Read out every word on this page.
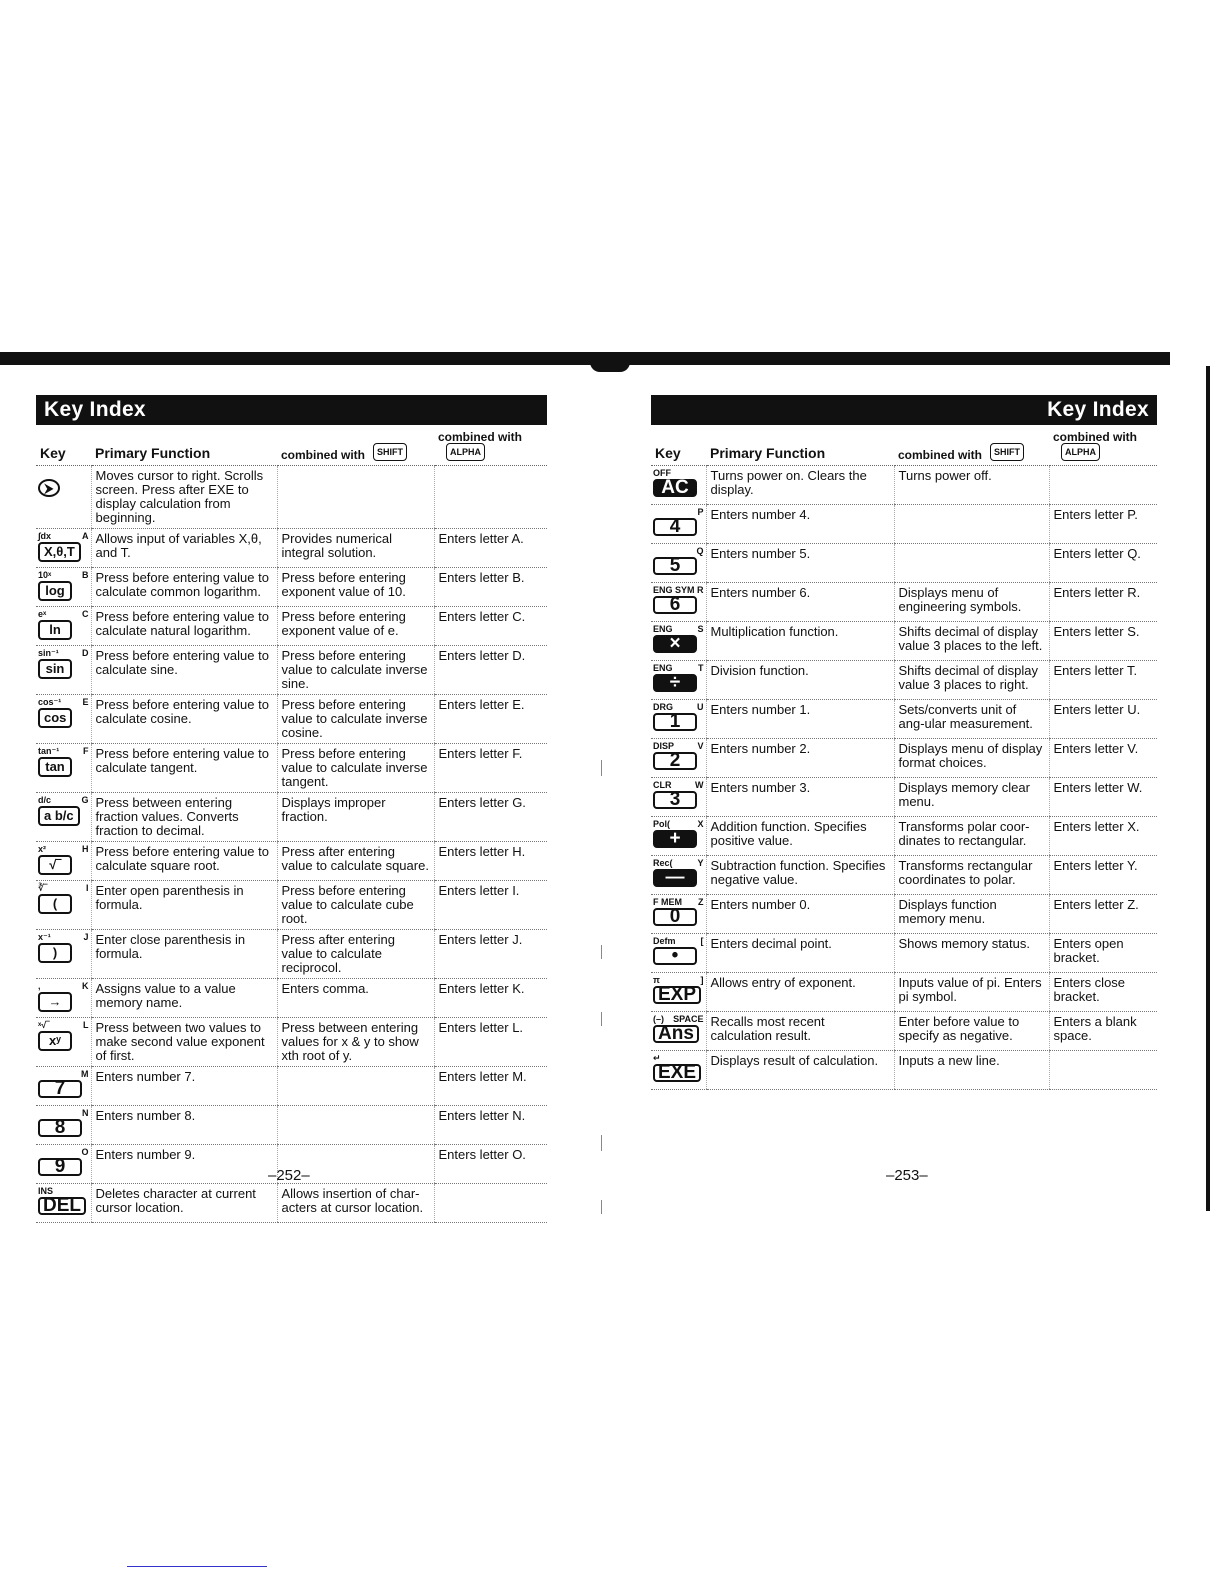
Key Index
Key	Primary Function	combined with SHIFT	combined withALPHA

⮞	Moves cursor to right. Scrolls screen. Press after EXE to display calculation from beginning.		

∫dx A
X,θ,T	Allows input of variables X,θ, and T.	Provides numerical integral solution.	Enters letter A.

10ˣ B
log	Press before entering value to calculate common logarithm.	Press before entering exponent value of 10.	Enters letter B.

eˣ C
ln	Press before entering value to calculate natural logarithm.	Press before entering exponent value of e.	Enters letter C.

sin⁻¹ D
sin	Press before entering value to calculate sine.	Press before entering value to calculate inverse sine.	Enters letter D.

cos⁻¹ E
cos	Press before entering value to calculate cosine.	Press before entering value to calculate inverse cosine.	Enters letter E.

tan⁻¹ F
tan	Press before entering value to calculate tangent.	Press before entering value to calculate inverse tangent.	Enters letter F.

d/c G
a b/c	Press between entering fraction values. Converts fraction to decimal.	Displays improper fraction.	Enters letter G.

x² H
√‾	Press before entering value to calculate square root.	Press after entering value to calculate square.	Enters letter H.

∛‾ I
(	Enter open parenthesis in formula.	Press before entering value to calculate cube root.	Enters letter I.

x⁻¹ J
)	Enter close parenthesis in formula.	Press after entering value to calculate reciprocol.	Enters letter J.

, K
→	Assigns value to a value memory name.	Enters comma.	Enters letter K.

ˣ√‾ L
xʸ	Press between two values to make second value exponent of first.	Press between entering values for x & y to show xth root of y.	Enters letter L.

M
7	Enters number 7.		Enters letter M.

N
8	Enters number 8.		Enters letter N.

O
9	Enters number 9.		Enters letter O.

INS
DEL	Deletes character at current cursor location.	Allows insertion of char-acters at cursor location.	
–252–
Key Index
Key	Primary Function	combined with SHIFT	combined withALPHA

OFF
AC	Turns power on. Clears the display.	Turns power off.	

P
4	Enters number 4.		Enters letter P.

Q
5	Enters number 5.		Enters letter Q.

ENG SYM R
6	Enters number 6.	Displays menu of engineering symbols.	Enters letter R.

ENG S
×	Multiplication function.	Shifts decimal of display value 3 places to the left.	Enters letter S.

ENG T
÷	Division function.	Shifts decimal of display value 3 places to right.	Enters letter T.

DRG U
1	Enters number 1.	Sets/converts unit of ang-ular measurement.	Enters letter U.

DISP V
2	Enters number 2.	Displays menu of display format choices.	Enters letter V.

CLR W
3	Enters number 3.	Displays memory clear menu.	Enters letter W.

Pol( X
+	Addition function. Specifies positive value.	Transforms polar coor-dinates to rectangular.	Enters letter X.

Rec( Y
—	Subtraction function. Specifies negative value.	Transforms rectangular coordinates to polar.	Enters letter Y.

F MEM Z
0	Enters number 0.	Displays function memory menu.	Enters letter Z.

Defm [
•	Enters decimal point.	Shows memory status.	Enters open bracket.

π ]
EXP	Allows entry of exponent.	Inputs value of pi. Enters pi symbol.	Enters close bracket.

(–) SPACE
Ans	Recalls most recent calculation result.	Enter before value to specify as negative.	Enters a blank space.

↵
EXE	Displays result of calculation.	Inputs a new line.	
–253–
